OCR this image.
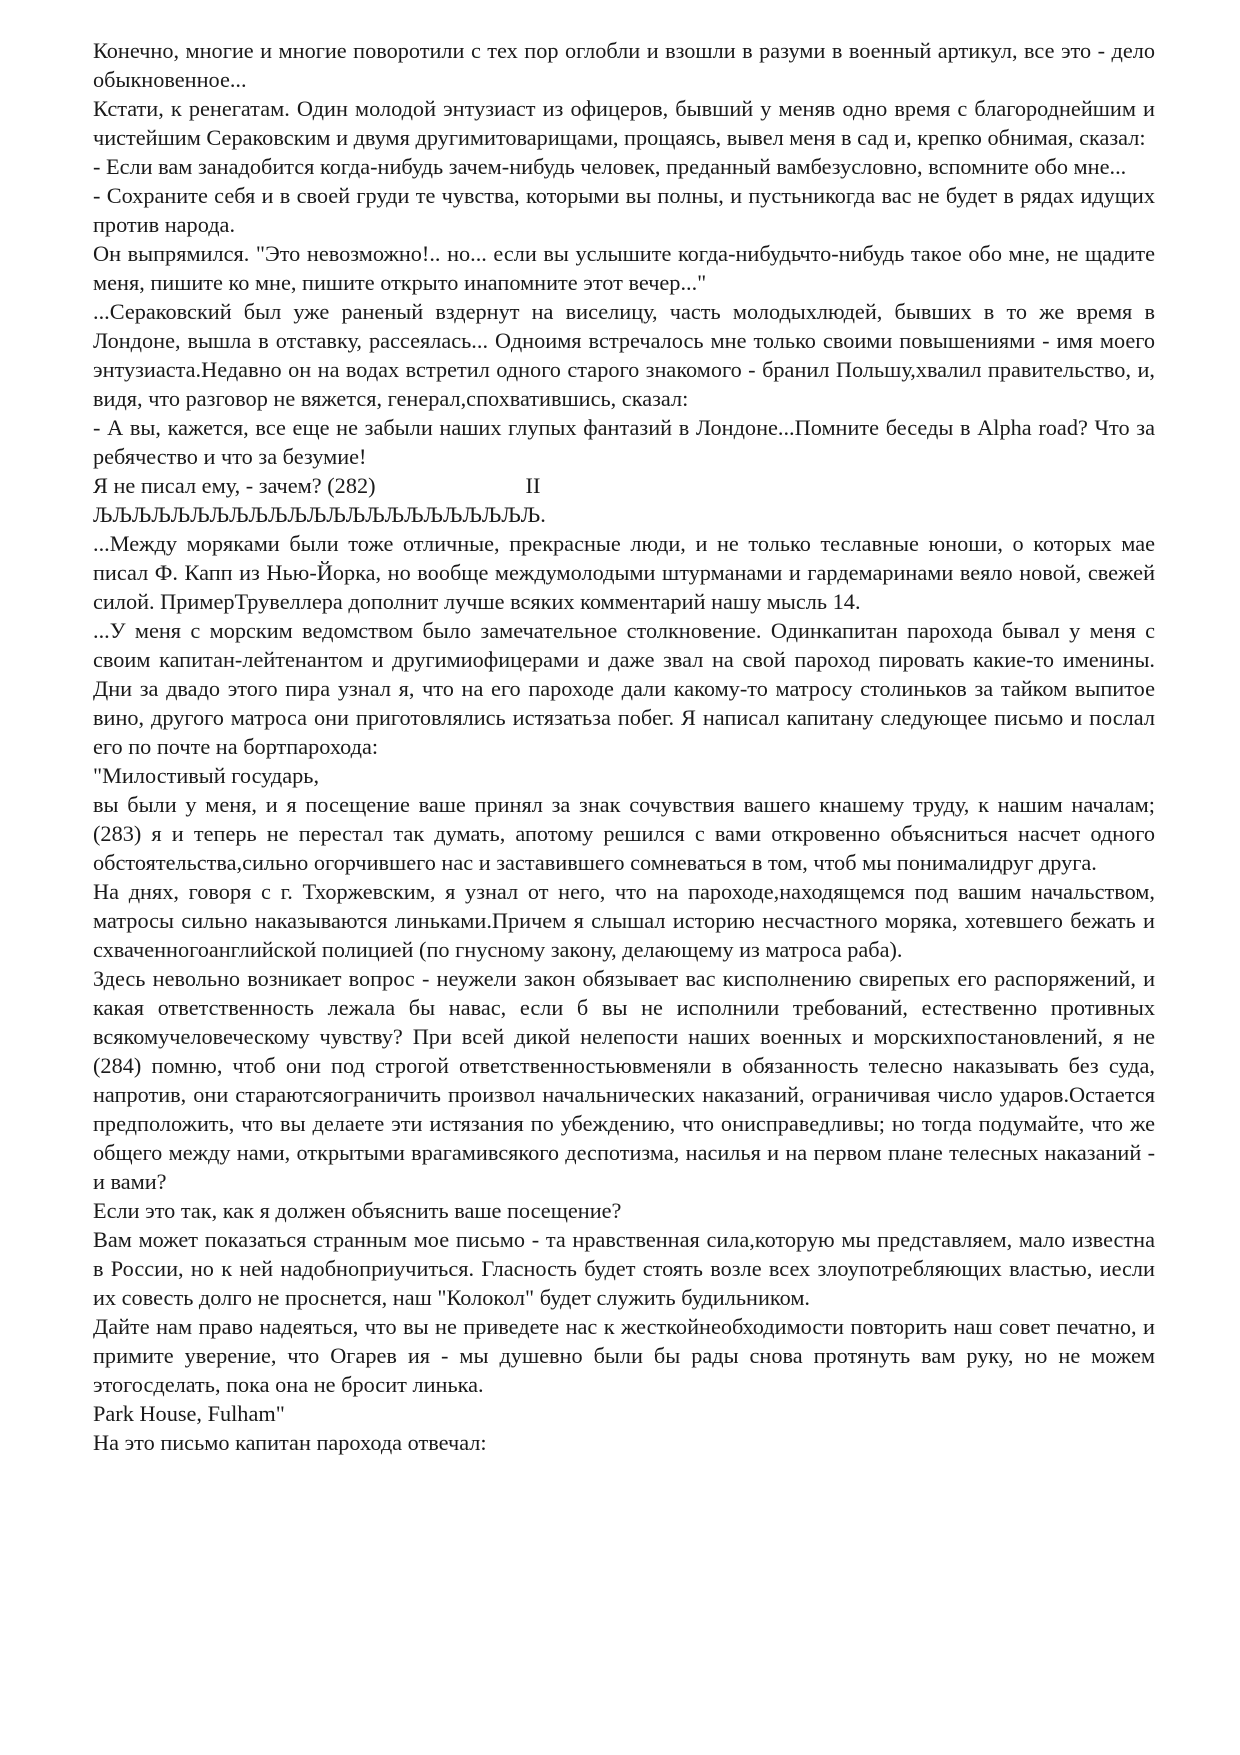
Конечно, многие и многие поворотили с тех пор оглобли и взошли в разуми в военный артикул, все это - дело обыкновенное...

Кстати, к ренегатам. Один молодой энтузиаст из офицеров, бывший у меняв одно время с благороднейшим и чистейшим Сераковским и двумя другимитоварищами, прощаясь, вывел меня в сад и, крепко обнимая, сказал:

- Если вам занадобится когда-нибудь зачем-нибудь человек, преданный вамбезусловно, вспомните обо мне...

- Сохраните себя и в своей груди те чувства, которыми вы полны, и пустьникогда вас не будет в рядах идущих против народа.

Он выпрямился. "Это невозможно!.. но... если вы услышите когда-нибудьчто-нибудь такое обо мне, не щадите меня, пишите ко мне, пишите открыто инапомните этот вечер..."

...Сераковский был уже раненый вздернут на виселицу, часть молодыхлюдей, бывших в то же время в Лондоне, вышла в отставку, рассеялась... Одноимя встречалось мне только своими повышениями - имя моего энтузиаста.Недавно он на водах встретил одного старого знакомого - бранил Польшу,хвалил правительство, и, видя, что разговор не вяжется, генерал,спохватившись, сказал:

- А вы, кажется, все еще не забыли наших глупых фантазий в Лондоне...Помните беседы в Alpha road? Что за ребячество и что за безумие!

Я не писал ему, - зачем? (282)	II

ЉЉЉЉЉЉЉЉЉЉЉЉЉЉЉЉЉЉЉЉЉЉЉ.

...Между моряками были тоже отличные, прекрасные люди, и не только теславные юноши, о которых мае писал Ф. Капп из Нью-Йорка, но вообще междумолодыми штурманами и гардемаринами веяло новой, свежей силой. ПримерТрувеллера дополнит лучше всяких комментарий нашу мысль 14.

...У меня с морским ведомством было замечательное столкновение. Одинкапитан парохода бывал у меня с своим капитан-лейтенантом и другимиофицерами и даже звал на свой пароход пировать какие-то именины. Дни за двадо этого пира узнал я, что на его пароходе дали какому-то матросу столиньков за тайком выпитое вино, другого матроса они приготовлялись истязатьза побег. Я написал капитану следующее письмо и послал его по почте на бортпарохода:

"Милостивый государь,

вы были у меня, и я посещение ваше принял за знак сочувствия вашего кнашему труду, к нашим началам; (283) я и теперь не перестал так думать, апотому решился с вами откровенно объясниться насчет одного обстоятельства,сильно огорчившего нас и заставившего сомневаться в том, чтоб мы понималидруг друга.

На днях, говоря с г. Тхоржевским, я узнал от него, что на пароходе,находящемся под вашим начальством, матросы сильно наказываются линьками.Причем я слышал историю несчастного моряка, хотевшего бежать и схваченногоанглийской полицией (по гнусному закону, делающему из матроса раба).

Здесь невольно возникает вопрос - неужели закон обязывает вас кисполнению свирепых его распоряжений, и какая ответственность лежала бы навас, если б вы не исполнили требований, естественно противных всякомучеловеческому чувству? При всей дикой нелепости наших военных и морскихпостановлений, я не (284) помню, чтоб они под строгой ответственностьювменяли в обязанность телесно наказывать без суда, напротив, они стараютсяограничить произвол начальнических наказаний, ограничивая число ударов.Остается предположить, что вы делаете эти истязания по убеждению, что онисправедливы; но тогда подумайте, что же общего между нами, открытыми врагамивсякого деспотизма, насилья и на первом плане телесных наказаний - и вами?

Если это так, как я должен объяснить ваше посещение?

Вам может показаться странным мое письмо - та нравственная сила,которую мы представляем, мало известна в России, но к ней надобноприучиться. Гласность будет стоять возле всех злоупотребляющих властью, иесли их совесть долго не проснется, наш "Колокол" будет служить будильником.

Дайте нам право надеяться, что вы не приведете нас к жесткойнеобходимости повторить наш совет печатно, и примите уверение, что Огарев ия - мы душевно были бы рады снова протянуть вам руку, но не можем этогосделать, пока она не бросит линька.

Park House, Fulham"

На это письмо капитан парохода отвечал:
